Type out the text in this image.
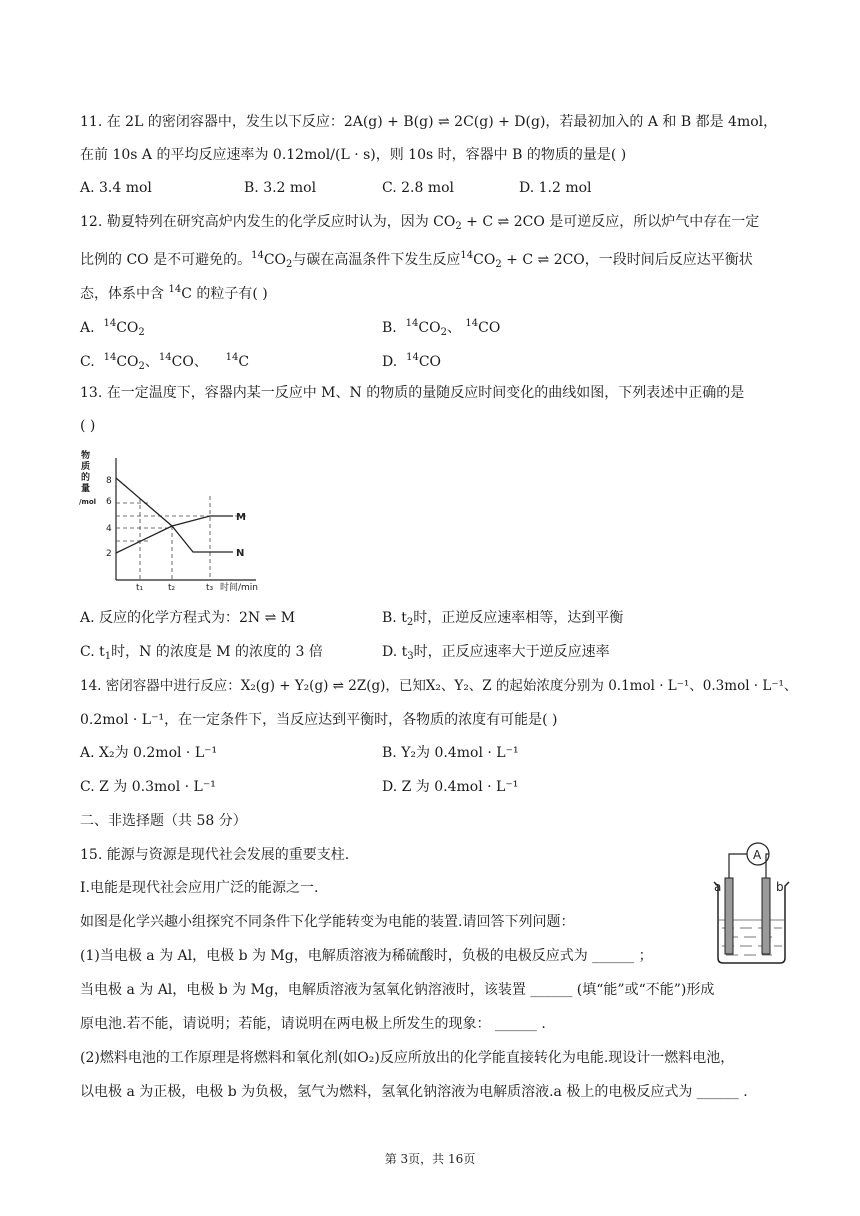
11. 在 2L 的密闭容器中，发生以下反应：2A(g) + B(g) ⇌ 2C(g) + D(g)，若最初加入的 A 和 B 都是 4mol，
在前 10s A 的平均反应速率为 0.12mol/(L · s)，则 10s 时，容器中 B 的物质的量是( )
A. 3.4 mol	B. 3.2 mol	C. 2.8 mol	D. 1.2 mol
12. 勒夏特列在研究高炉内发生的化学反应时认为，因为 $CO_2 + C$ ⇌ 2CO 是可逆反应，所以炉气中存在一定
比例的 CO 是不可避免的。$^{14}CO_2$与碳在高温条件下发生反应$^{14}CO_2 + C$ ⇌ 2CO，一段时间后反应达平衡状
态，体系中含 $^{14}$C 的粒子有( )
A. $^{14}CO_2$	B. $^{14}CO_2$、 $^{14}$CO
C. $^{14}CO_2$、$^{14}$CO、 $^{14}$C	D. $^{14}$CO
13. 在一定温度下，容器内某一反应中 M、N 的物质的量随反应时间变化的曲线如图，下列表述中正确的是
( )
物
质
的
量
/mol
8
6
4
2
M
N
t₁	t₂	t₃ 时间/min
A. 反应的化学方程式为：2N ⇌ M	B. $t_2$时，正逆反应速率相等，达到平衡
C. $t_1$时，N 的浓度是 M 的浓度的 3 倍	D. $t_3$时，正反应速率大于逆反应速率
14. 密闭容器中进行反应：X₂(g) + Y₂(g) ⇌ 2Z(g)，已知X₂、Y₂、Z 的起始浓度分别为 0.1mol · L⁻¹、0.3mol · L⁻¹、
0.2mol · L⁻¹，在一定条件下，当反应达到平衡时，各物质的浓度有可能是( )
A. X₂为 0.2mol · L⁻¹	B. Y₂为 0.4mol · L⁻¹
C. Z 为 0.3mol · L⁻¹	D. Z 为 0.4mol · L⁻¹
二、非选择题（共 58 分）
15. 能源与资源是现代社会发展的重要支柱.
I.电能是现代社会应用广泛的能源之一.
如图是化学兴趣小组探究不同条件下化学能转变为电能的装置.请回答下列问题：
(1)当电极 a 为 Al，电极 b 为 Mg，电解质溶液为稀硫酸时，负极的电极反应式为 ______ ；
当电极 a 为 Al，电极 b 为 Mg，电解质溶液为氢氧化钠溶液时，该装置 ______ (填“能”或“不能”)形成
原电池.若不能，请说明；若能，请说明在两电极上所发生的现象： ______ .
(2)燃料电池的工作原理是将燃料和氧化剂(如O₂)反应所放出的化学能直接转化为电能.现设计一燃料电池，
以电极 a 为正极，电极 b 为负极，氢气为燃料，氢氧化钠溶液为电解质溶液.a 极上的电极反应式为 ______ .
A
a	b
第 3页，共 16页
